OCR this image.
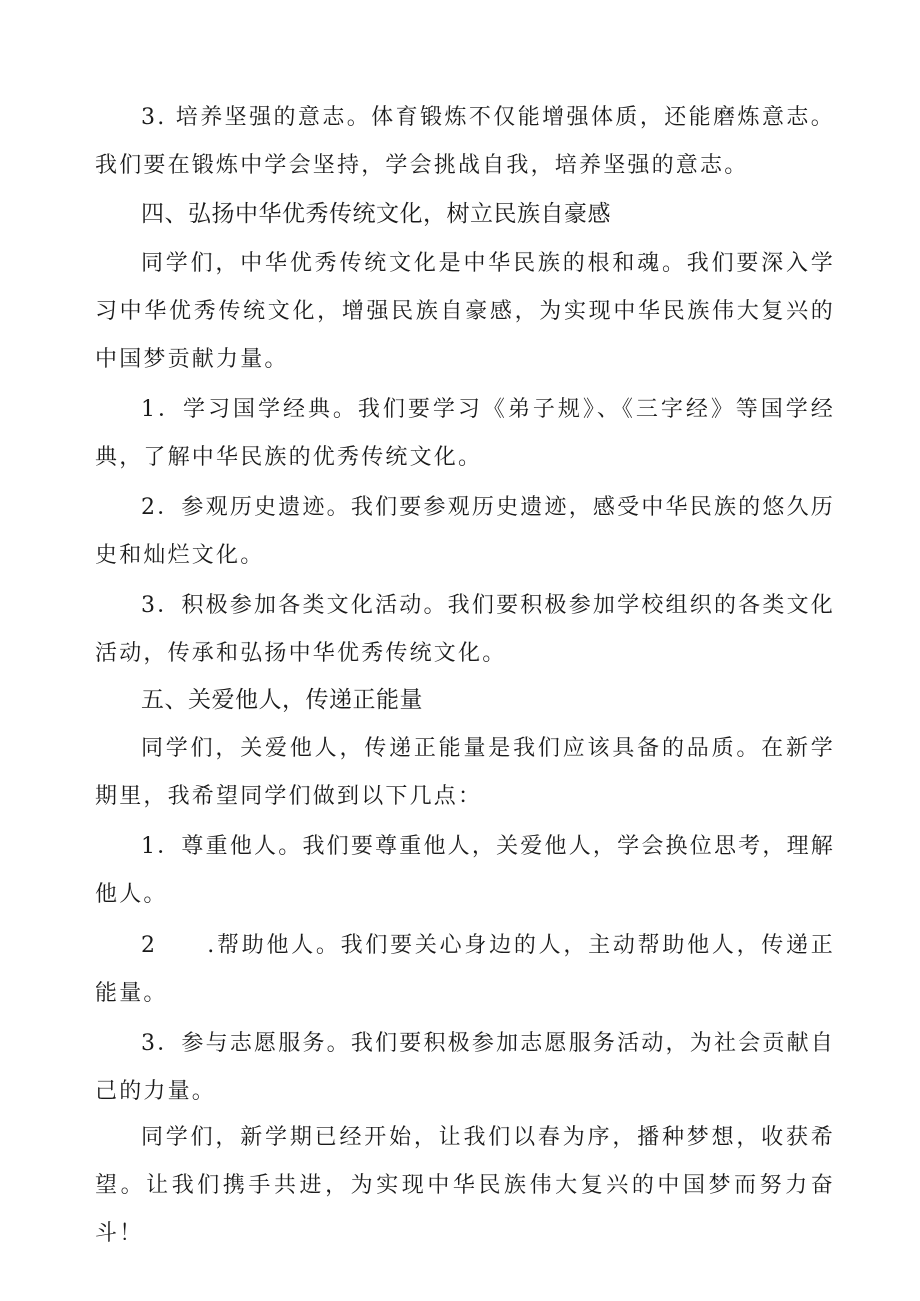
3. 培养坚强的意志。体育锻炼不仅能增强体质，还能磨炼意志。我们要在锻炼中学会坚持，学会挑战自我，培养坚强的意志。

四、弘扬中华优秀传统文化，树立民族自豪感

同学们，中华优秀传统文化是中华民族的根和魂。我们要深入学习中华优秀传统文化，增强民族自豪感，为实现中华民族伟大复兴的中国梦贡献力量。

1．学习国学经典。我们要学习《弟子规》、《三字经》等国学经典，了解中华民族的优秀传统文化。

2．参观历史遗迹。我们要参观历史遗迹，感受中华民族的悠久历史和灿烂文化。

3．积极参加各类文化活动。我们要积极参加学校组织的各类文化活动，传承和弘扬中华优秀传统文化。

五、关爱他人，传递正能量

同学们，关爱他人，传递正能量是我们应该具备的品质。在新学期里，我希望同学们做到以下几点：

1．尊重他人。我们要尊重他人，关爱他人，学会换位思考，理解他人。

2　　.帮助他人。我们要关心身边的人，主动帮助他人，传递正能量。

3．参与志愿服务。我们要积极参加志愿服务活动，为社会贡献自己的力量。

同学们，新学期已经开始，让我们以春为序，播种梦想，收获希望。让我们携手共进，为实现中华民族伟大复兴的中国梦而努力奋斗！
